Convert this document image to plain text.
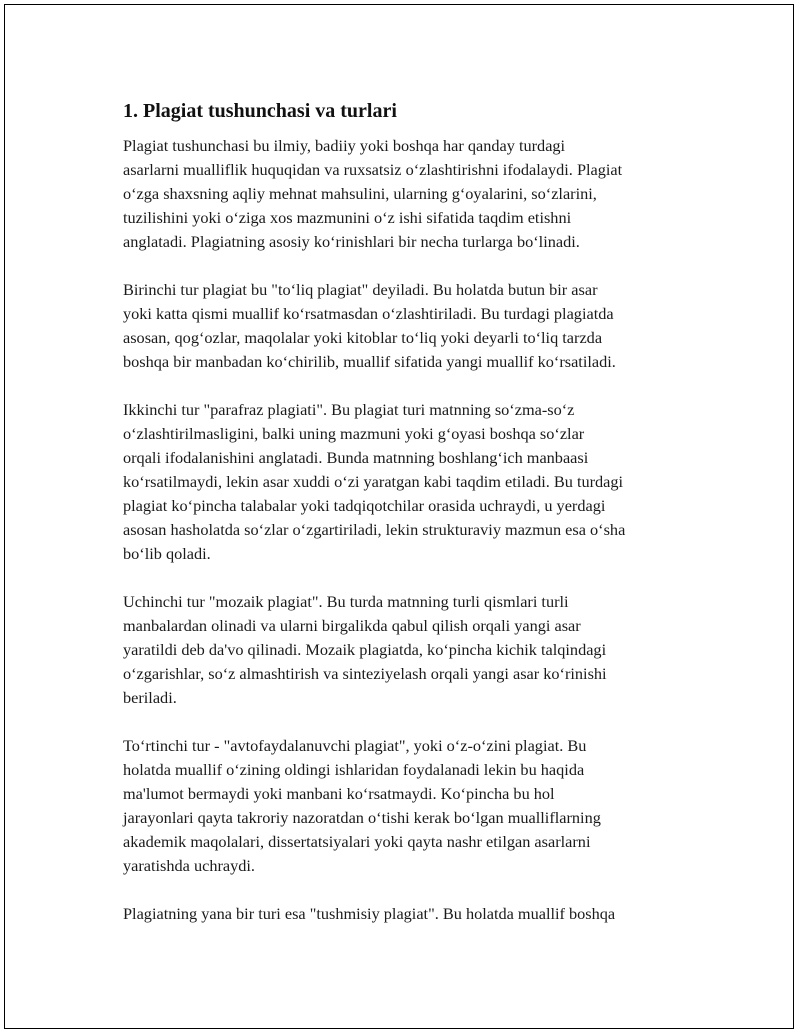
1. Plagiat tushunchasi va turlari

Plagiat tushunchasi bu ilmiy, badiiy yoki boshqa har qanday turdagi
asarlarni mualliflik huquqidan va ruxsatsiz o‘zlashtirishni ifodalaydi. Plagiat
o‘zga shaxsning aqliy mehnat mahsulini, ularning g‘oyalarini, so‘zlarini,
tuzilishini yoki o‘ziga xos mazmunini o‘z ishi sifatida taqdim etishni
anglatadi. Plagiatning asosiy ko‘rinishlari bir necha turlarga bo‘linadi.

Birinchi tur plagiat bu "to‘liq plagiat" deyiladi. Bu holatda butun bir asar
yoki katta qismi muallif ko‘rsatmasdan o‘zlashtiriladi. Bu turdagi plagiatda
asosan, qog‘ozlar, maqolalar yoki kitoblar to‘liq yoki deyarli to‘liq tarzda
boshqa bir manbadan ko‘chirilib, muallif sifatida yangi muallif ko‘rsatiladi.

Ikkinchi tur "parafraz plagiati". Bu plagiat turi matnning so‘zma-so‘z
o‘zlashtirilmasligini, balki uning mazmuni yoki g‘oyasi boshqa so‘zlar
orqali ifodalanishini anglatadi. Bunda matnning boshlang‘ich manbaasi
ko‘rsatilmaydi, lekin asar xuddi o‘zi yaratgan kabi taqdim etiladi. Bu turdagi
plagiat ko‘pincha talabalar yoki tadqiqotchilar orasida uchraydi, u yerdagi
asosan hasholatda so‘zlar o‘zgartiriladi, lekin strukturaviy mazmun esa o‘sha
bo‘lib qoladi.

Uchinchi tur "mozaik plagiat". Bu turda matnning turli qismlari turli
manbalardan olinadi va ularni birgalikda qabul qilish orqali yangi asar
yaratildi deb da'vo qilinadi. Mozaik plagiatda, ko‘pincha kichik talqindagi
o‘zgarishlar, so‘z almashtirish va sinteziyelash orqali yangi asar ko‘rinishi
beriladi.

To‘rtinchi tur - "avtofaydalanuvchi plagiat", yoki o‘z-o‘zini plagiat. Bu
holatda muallif o‘zining oldingi ishlaridan foydalanadi lekin bu haqida
ma'lumot bermaydi yoki manbani ko‘rsatmaydi. Ko‘pincha bu hol
jarayonlari qayta takroriy nazoratdan o‘tishi kerak bo‘lgan mualliflarning
akademik maqolalari, dissertatsiyalari yoki qayta nashr etilgan asarlarni
yaratishda uchraydi.

Plagiatning yana bir turi esa "tushmisiy plagiat". Bu holatda muallif boshqa
